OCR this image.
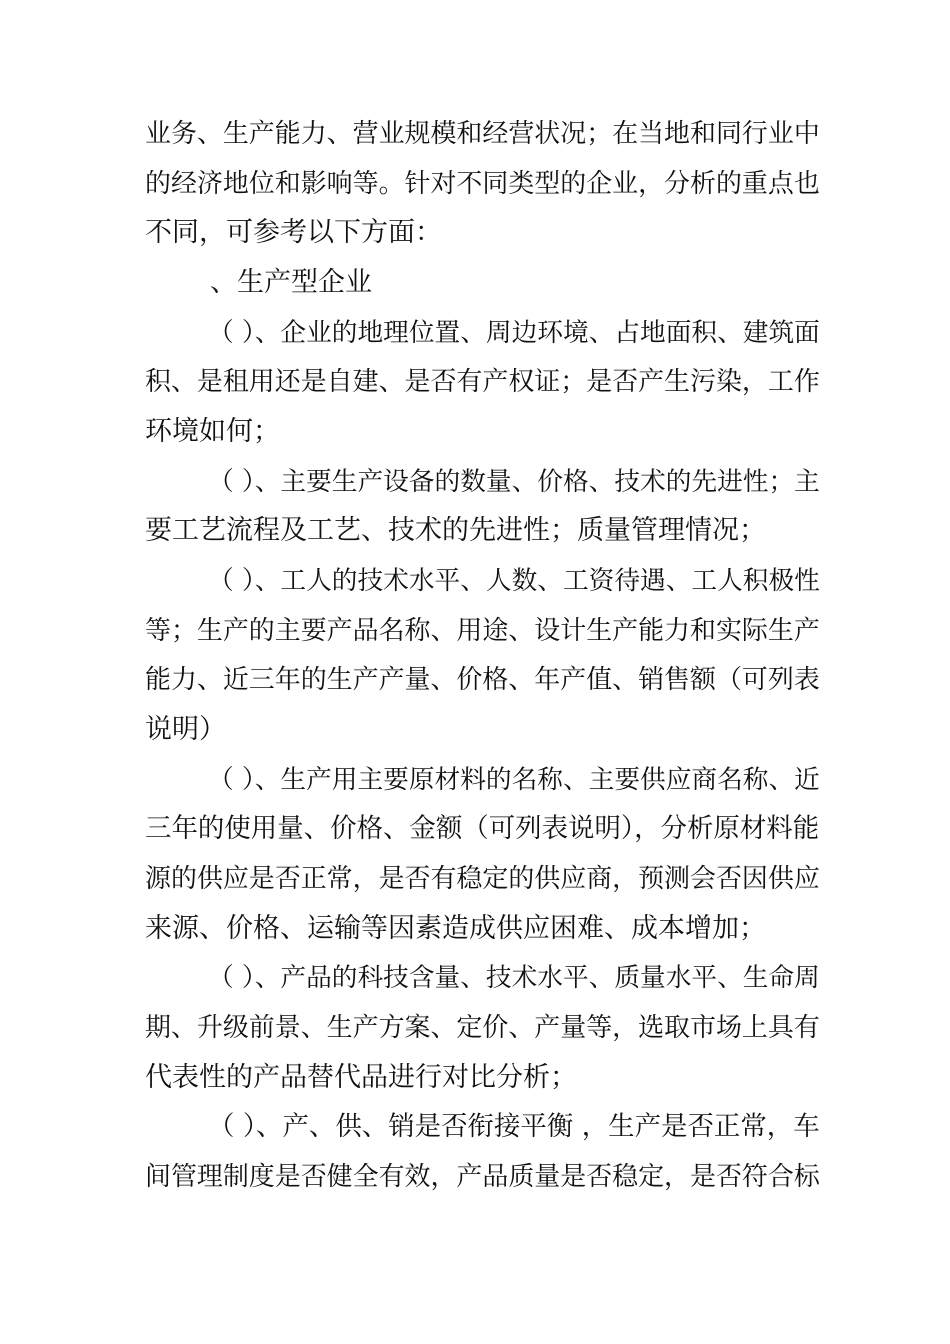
业务、生产能力、营业规模和经营状况；在当地和同行业中
的经济地位和影响等。针对不同类型的企业，分析的重点也
不同，可参考以下方面：
、生产型企业
（ ）、企业的地理位置、周边环境、占地面积、建筑面
积、是租用还是自建、是否有产权证；是否产生污染，工作
环境如何；
（ ）、主要生产设备的数量、价格、技术的先进性；主
要工艺流程及工艺、技术的先进性；质量管理情况；
（ ）、工人的技术水平、人数、工资待遇、工人积极性
等；生产的主要产品名称、用途、设计生产能力和实际生产
能力、近三年的生产产量、价格、年产值、销售额（可列表
说明）
（ ）、生产用主要原材料的名称、主要供应商名称、近
三年的使用量、价格、金额（可列表说明），分析原材料能
源的供应是否正常，是否有稳定的供应商，预测会否因供应
来源、价格、运输等因素造成供应困难、成本增加；
（ ）、产品的科技含量、技术水平、质量水平、生命周
期、升级前景、生产方案、定价、产量等，选取市场上具有
代表性的产品替代品进行对比分析；
（ ）、产、供、销是否衔接平衡 ，生产是否正常，车
间管理制度是否健全有效，产品质量是否稳定，是否符合标
